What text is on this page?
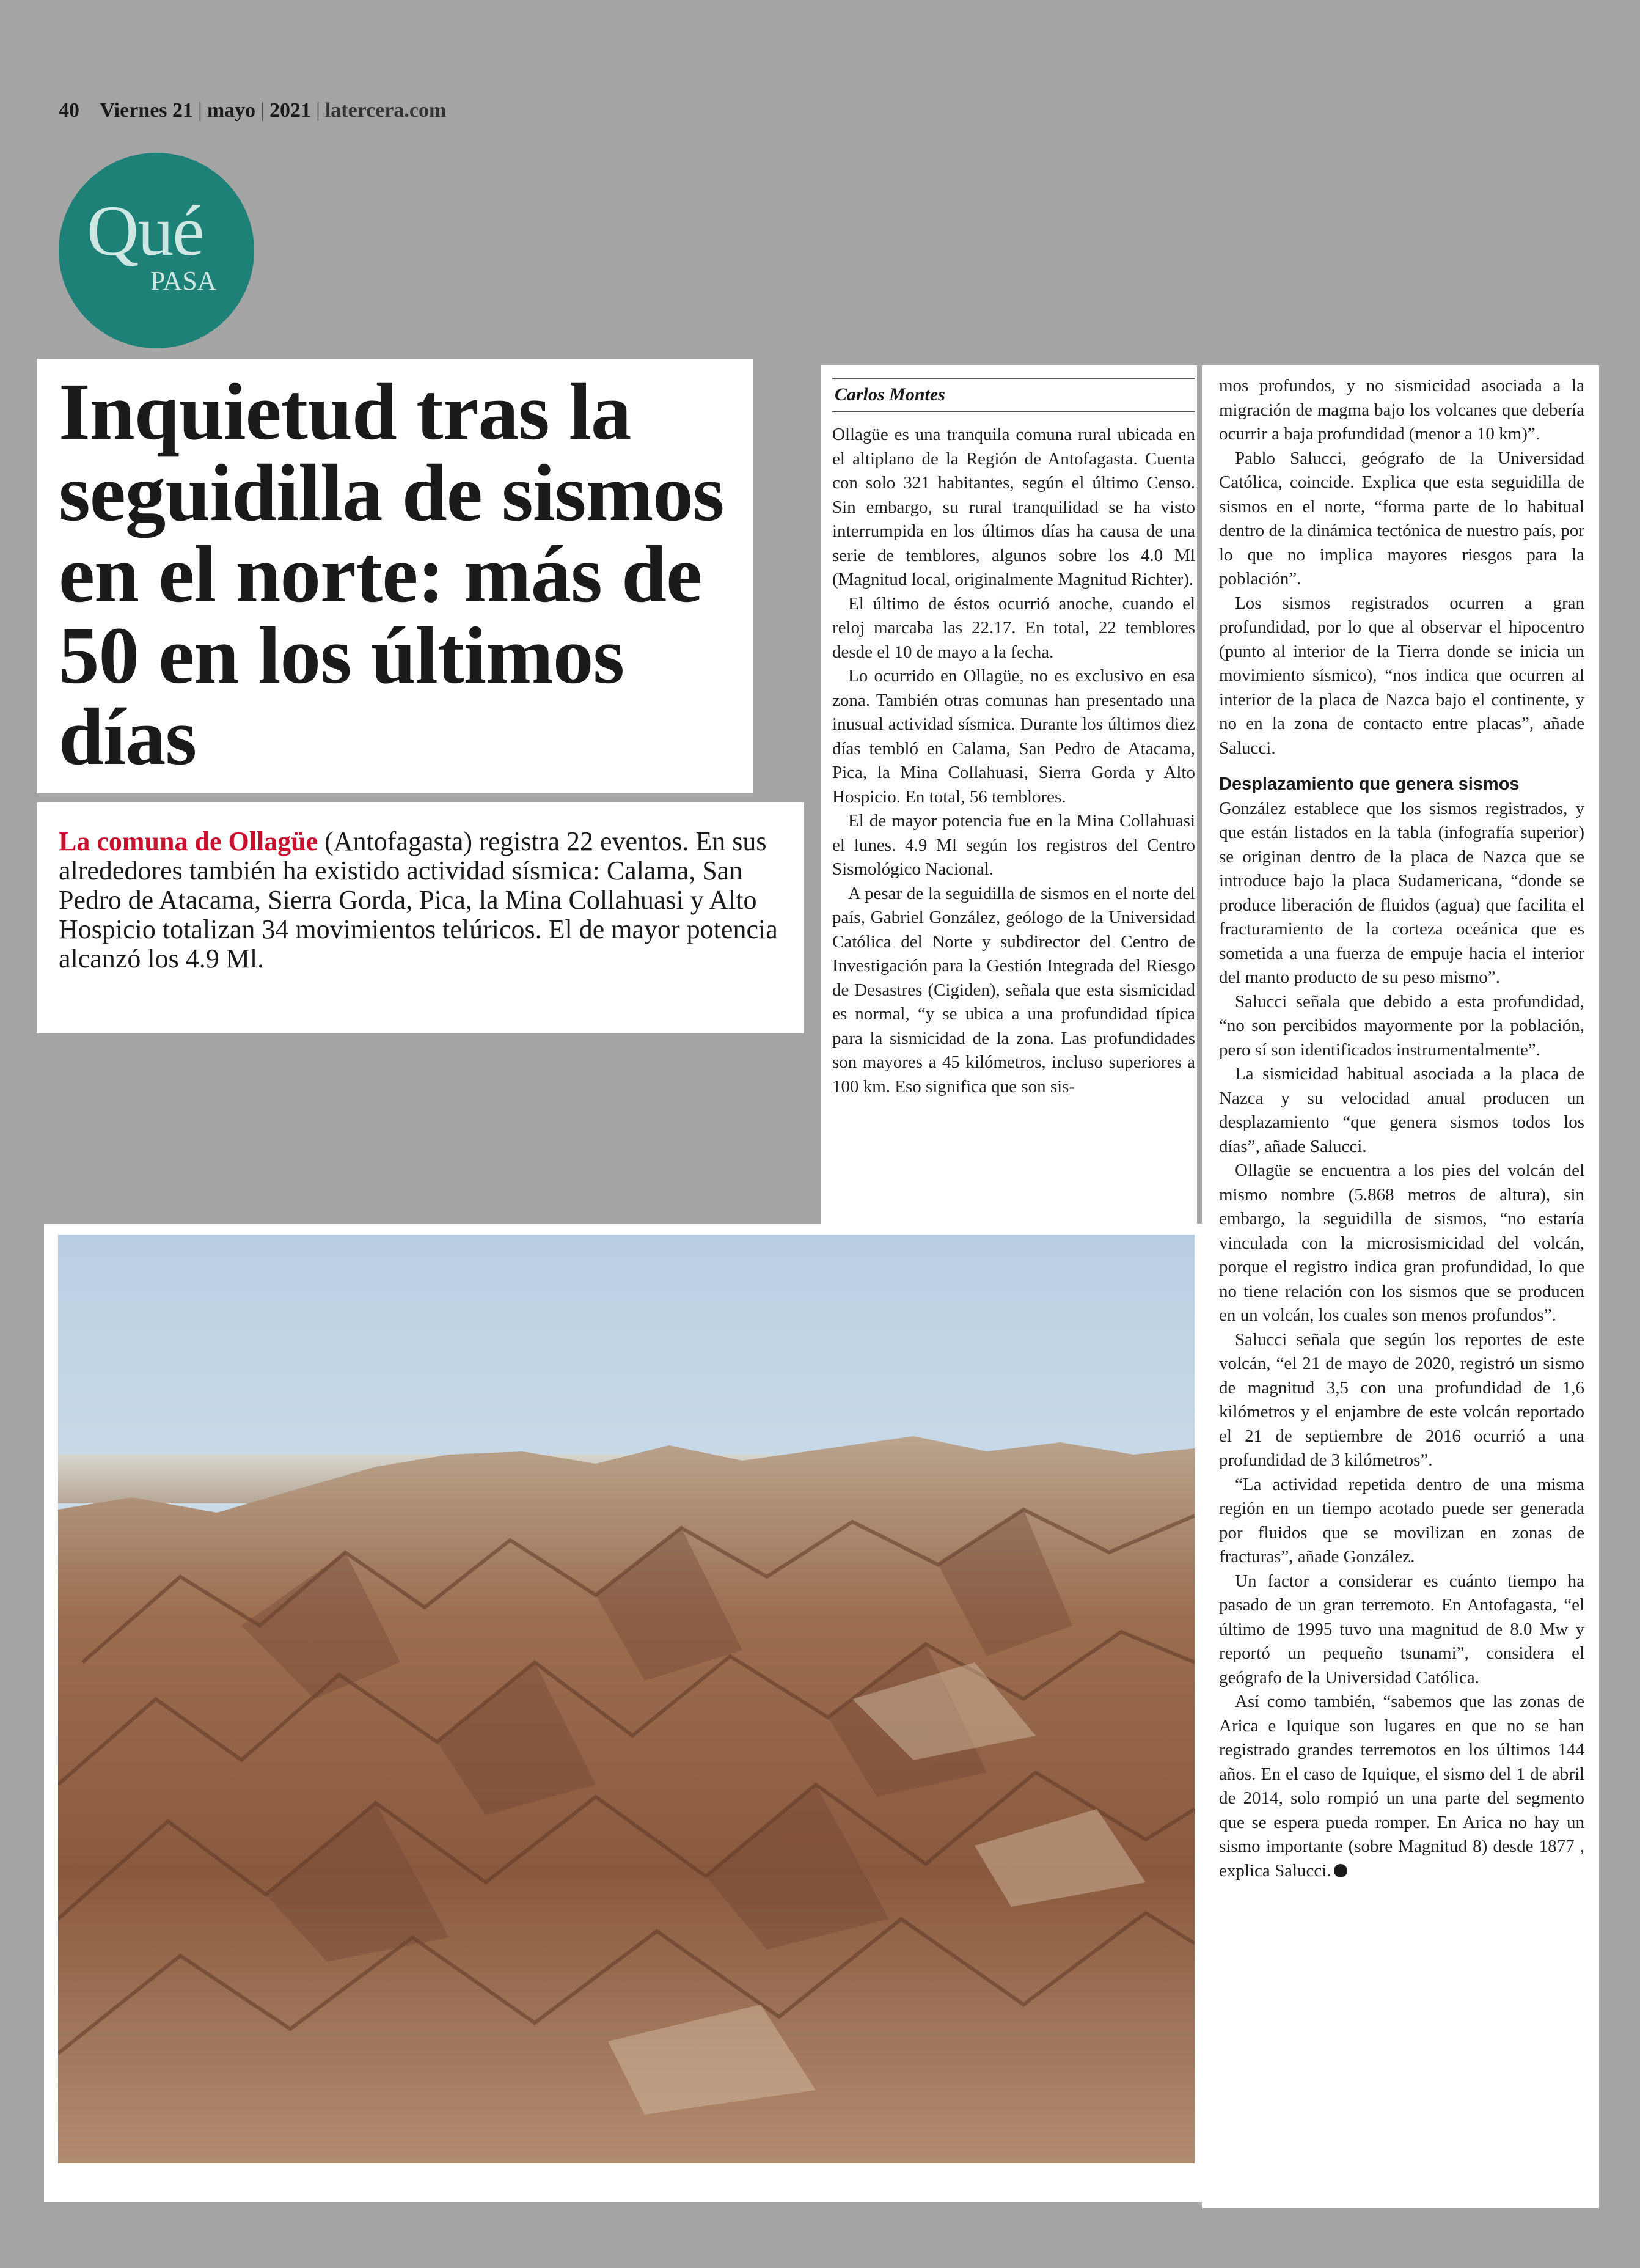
40 Viernes 21 | mayo | 2021 | latercera.com
Qué
PASA
Inquietud tras la seguidilla de sismos en el norte: más de 50 en los últimos días

La comuna de Ollagüe (Antofagasta) registra 22 eventos. En sus alrededores también ha existido actividad sísmica: Calama, San Pedro de Atacama, Sierra Gorda, Pica, la Mina Collahuasi y Alto Hospicio totalizan 34 movimientos telúricos. El de mayor potencia alcanzó los 4.9 Ml.

Carlos Montes

Ollagüe es una tranquila comuna rural ubicada en el altiplano de la Región de Antofagasta. Cuenta con solo 321 habitantes, según el último Censo. Sin embargo, su rural tranquilidad se ha visto interrumpida en los últimos días ha causa de una serie de temblores, algunos sobre los 4.0 Ml (Magnitud local, originalmente Magnitud Richter).

El último de éstos ocurrió anoche, cuando el reloj marcaba las 22.17. En total, 22 temblores desde el 10 de mayo a la fecha.

Lo ocurrido en Ollagüe, no es exclusivo en esa zona. También otras comunas han presentado una inusual actividad sísmica. Durante los últimos diez días tembló en Calama, San Pedro de Atacama, Pica, la Mina Collahuasi, Sierra Gorda y Alto Hospicio. En total, 56 temblores.

El de mayor potencia fue en la Mina Collahuasi el lunes. 4.9 Ml según los registros del Centro Sismológico Nacional.

A pesar de la seguidilla de sismos en el norte del país, Gabriel González, geólogo de la Universidad Católica del Norte y subdirector del Centro de Investigación para la Gestión Integrada del Riesgo de Desastres (Cigiden), señala que esta sismicidad es normal, “y se ubica a una profundidad típica para la sismicidad de la zona. Las profundidades son mayores a 45 kilómetros, incluso superiores a 100 km. Eso significa que son sis-

mos profundos, y no sismicidad asociada a la migración de magma bajo los volcanes que debería ocurrir a baja profundidad (menor a 10 km)”.

Pablo Salucci, geógrafo de la Universidad Católica, coincide. Explica que esta seguidilla de sismos en el norte, “forma parte de lo habitual dentro de la dinámica tectónica de nuestro país, por lo que no implica mayores riesgos para la población”.

Los sismos registrados ocurren a gran profundidad, por lo que al observar el hipocentro (punto al interior de la Tierra donde se inicia un movimiento sísmico), “nos indica que ocurren al interior de la placa de Nazca bajo el continente, y no en la zona de contacto entre placas”, añade Salucci.

Desplazamiento que genera sismos

González establece que los sismos registrados, y que están listados en la tabla (infografía superior) se originan dentro de la placa de Nazca que se introduce bajo la placa Sudamericana, “donde se produce liberación de fluidos (agua) que facilita el fracturamiento de la corteza oceánica que es sometida a una fuerza de empuje hacia el interior del manto producto de su peso mismo”.

Salucci señala que debido a esta profundidad, “no son percibidos mayormente por la población, pero sí son identificados instrumentalmente”.

La sismicidad habitual asociada a la placa de Nazca y su velocidad anual producen un desplazamiento “que genera sismos todos los días”, añade Salucci.

Ollagüe se encuentra a los pies del volcán del mismo nombre (5.868 metros de altura), sin embargo, la seguidilla de sismos, “no estaría vinculada con la microsismicidad del volcán, porque el registro indica gran profundidad, lo que no tiene relación con los sismos que se producen en un volcán, los cuales son menos profundos”.

Salucci señala que según los reportes de este volcán, “el 21 de mayo de 2020, registró un sismo de magnitud 3,5 con una profundidad de 1,6 kilómetros y el enjambre de este volcán reportado el 21 de septiembre de 2016 ocurrió a una profundidad de 3 kilómetros”.

“La actividad repetida dentro de una misma región en un tiempo acotado puede ser generada por fluidos que se movilizan en zonas de fracturas”, añade González.

Un factor a considerar es cuánto tiempo ha pasado de un gran terremoto. En Antofagasta, “el último de 1995 tuvo una magnitud de 8.0 Mw y reportó un pequeño tsunami”, considera el geógrafo de la Universidad Católica.

Así como también, “sabemos que las zonas de Arica e Iquique son lugares en que no se han registrado grandes terremotos en los últimos 144 años. En el caso de Iquique, el sismo del 1 de abril de 2014, solo rompió un una parte del segmento que se espera pueda romper. En Arica no hay un sismo importante (sobre Magnitud 8) desde 1877 , explica Salucci.
